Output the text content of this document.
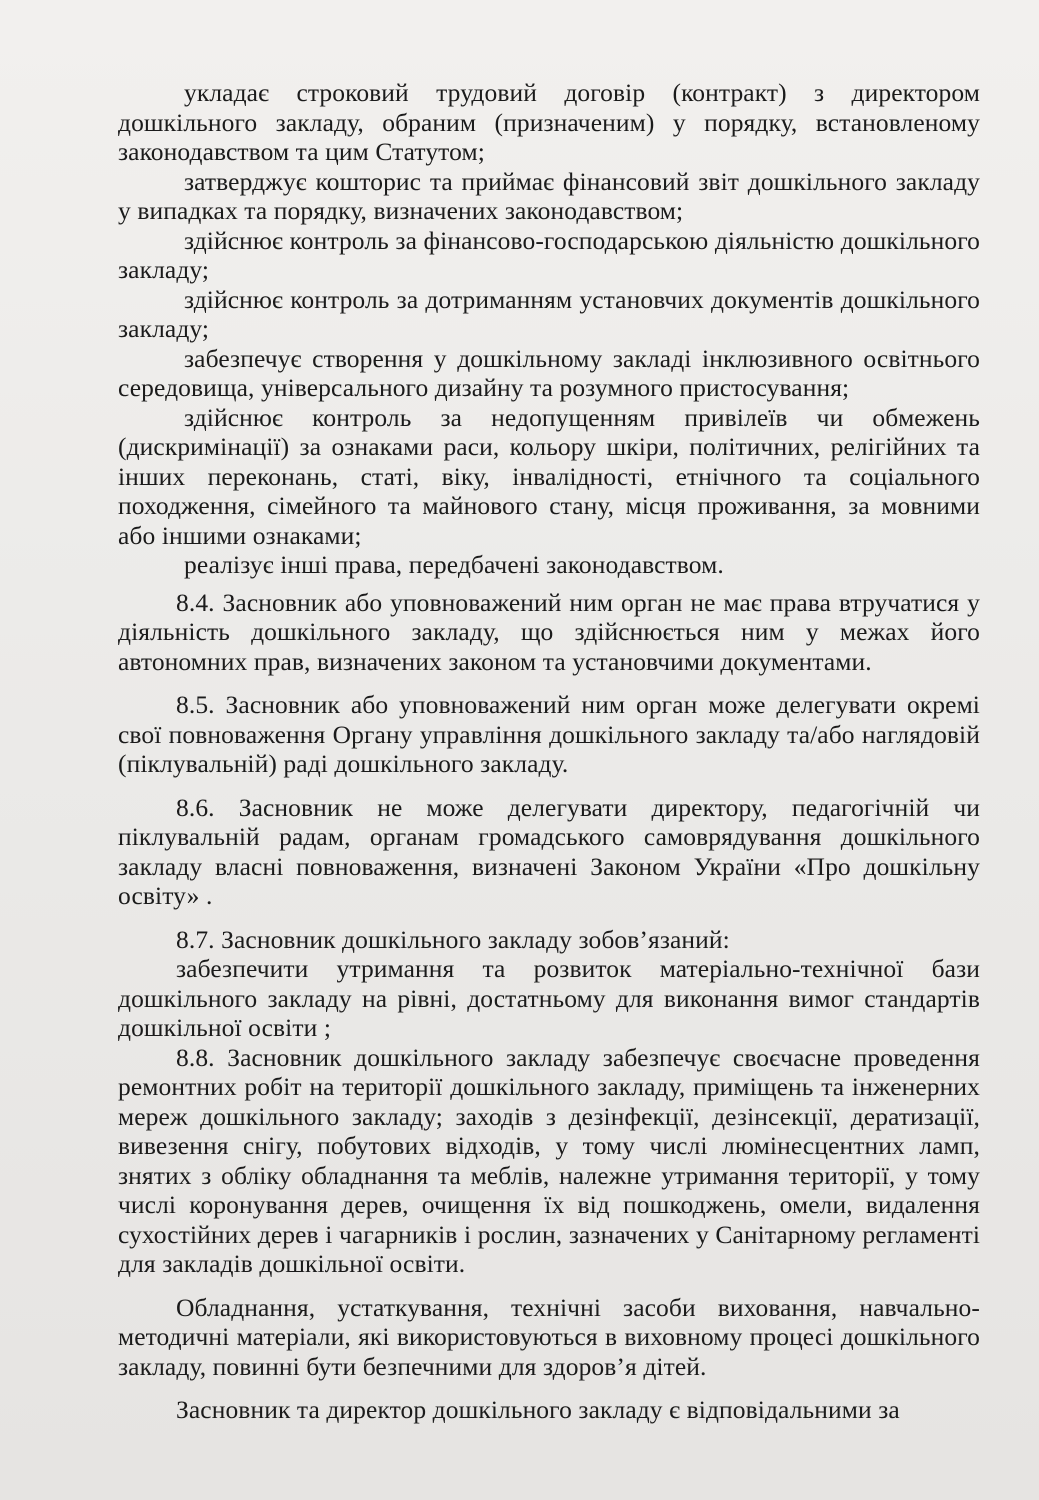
укладає строковий трудовий договір (контракт) з директором дошкільного закладу, обраним (призначеним) у порядку, встановленому законодавством та цим Статутом;

затверджує кошторис та приймає фінансовий звіт дошкільного закладу у випадках та порядку, визначених законодавством;

здійснює контроль за фінансово-господарською діяльністю дошкільного закладу;

здійснює контроль за дотриманням установчих документів дошкільного закладу;

забезпечує створення у дошкільному закладі інклюзивного освітнього середовища, універсального дизайну та розумного пристосування;

здійснює контроль за недопущенням привілеїв чи обмежень (дискримінації) за ознаками раси, кольору шкіри, політичних, релігійних та інших переконань, статі, віку, інвалідності, етнічного та соціального походження, сімейного та майнового стану, місця проживання, за мовними або іншими ознаками;

реалізує інші права, передбачені законодавством.

8.4. Засновник або уповноважений ним орган не має права втручатися у діяльність дошкільного закладу, що здійснюється ним у межах його автономних прав, визначених законом та установчими документами.

8.5. Засновник або уповноважений ним орган може делегувати окремі свої повноваження Органу управління дошкільного закладу та/або наглядовій (піклувальній) раді дошкільного закладу.

8.6. Засновник не може делегувати директору, педагогічній чи піклувальній радам, органам громадського самоврядування дошкільного закладу власні повноваження, визначені Законом України «Про дошкільну освіту» .

8.7. Засновник дошкільного закладу зобов’язаний:

забезпечити утримання та розвиток матеріально-технічної бази дошкільного закладу на рівні, достатньому для виконання вимог стандартів дошкільної освіти ;

8.8. Засновник дошкільного закладу забезпечує своєчасне проведення ремонтних робіт на території дошкільного закладу, приміщень та інженерних мереж дошкільного закладу; заходів з дезінфекції, дезінсекції, дератизації, вивезення снігу, побутових відходів, у тому числі люмінесцентних ламп, знятих з обліку обладнання та меблів, належне утримання території, у тому числі коронування дерев, очищення їх від пошкоджень, омели, видалення сухостійних дерев і чагарників і рослин, зазначених у Санітарному регламенті для закладів дошкільної освіти.

Обладнання, устаткування, технічні засоби виховання, навчально-методичні матеріали, які використовуються в виховному процесі дошкільного закладу, повинні бути безпечними для здоров’я дітей.

Засновник та директор дошкільного закладу є відповідальними за
